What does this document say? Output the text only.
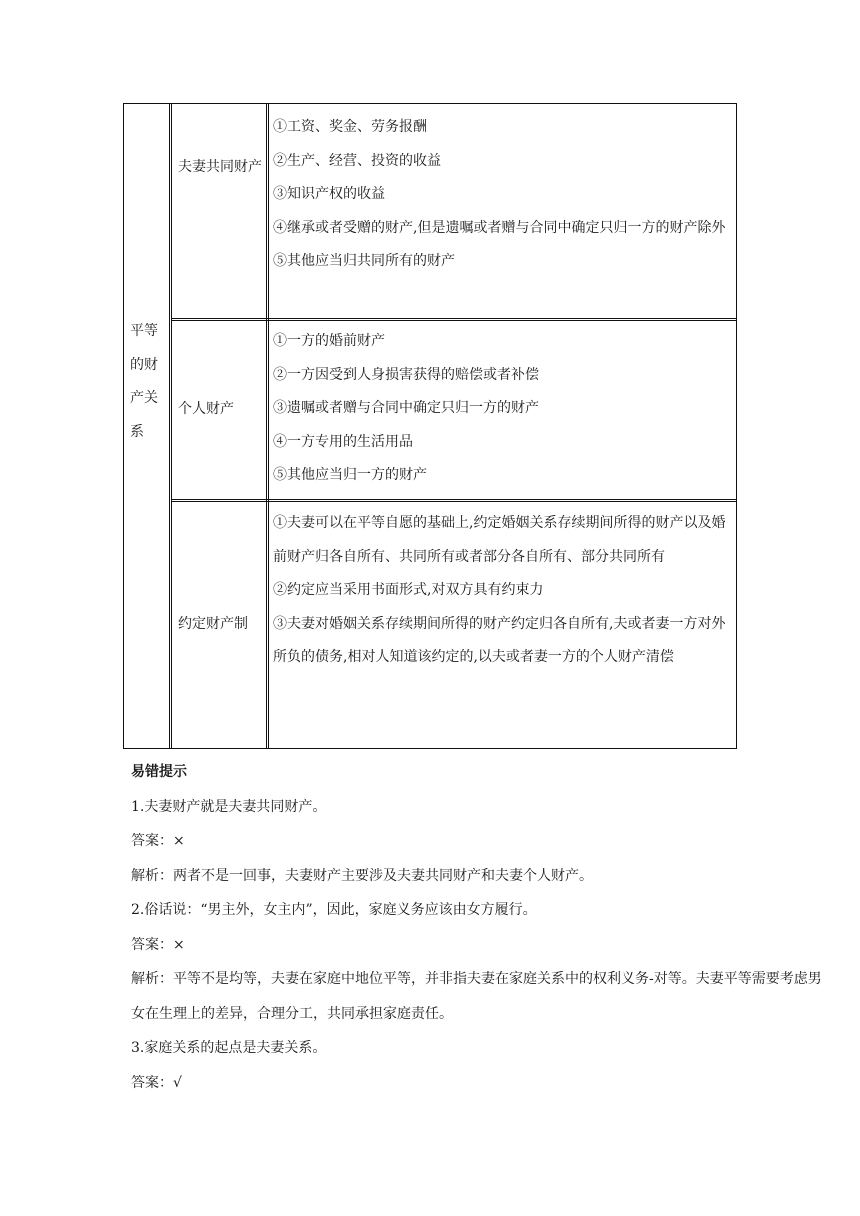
平等的财产关系
夫妻共同财产
①工资、奖金、劳务报酬
②生产、经营、投资的收益
③知识产权的收益
④继承或者受赠的财产,但是遗嘱或者赠与合同中确定只归一方的财产除外
⑤其他应当归共同所有的财产
个人财产
①一方的婚前财产
②一方因受到人身损害获得的赔偿或者补偿
③遗嘱或者赠与合同中确定只归一方的财产
④一方专用的生活用品
⑤其他应当归一方的财产
约定财产制
①夫妻可以在平等自愿的基础上,约定婚姻关系存续期间所得的财产以及婚前财产归各自所有、共同所有或者部分各自所有、部分共同所有
②约定应当采用书面形式,对双方具有约束力
③夫妻对婚姻关系存续期间所得的财产约定归各自所有,夫或者妻一方对外所负的债务,相对人知道该约定的,以夫或者妻一方的个人财产清偿

易错提示

1.夫妻财产就是夫妻共同财产。

答案：×

解析：两者不是一回事，夫妻财产主要涉及夫妻共同财产和夫妻个人财产。

2.俗话说：“男主外，女主内”，因此，家庭义务应该由女方履行。

答案：×

解析：平等不是均等，夫妻在家庭中地位平等，并非指夫妻在家庭关系中的权利义务-对等。夫妻平等需要考虑男女在生理上的差异，合理分工，共同承担家庭责任。

3.家庭关系的起点是夫妻关系。

答案：√
